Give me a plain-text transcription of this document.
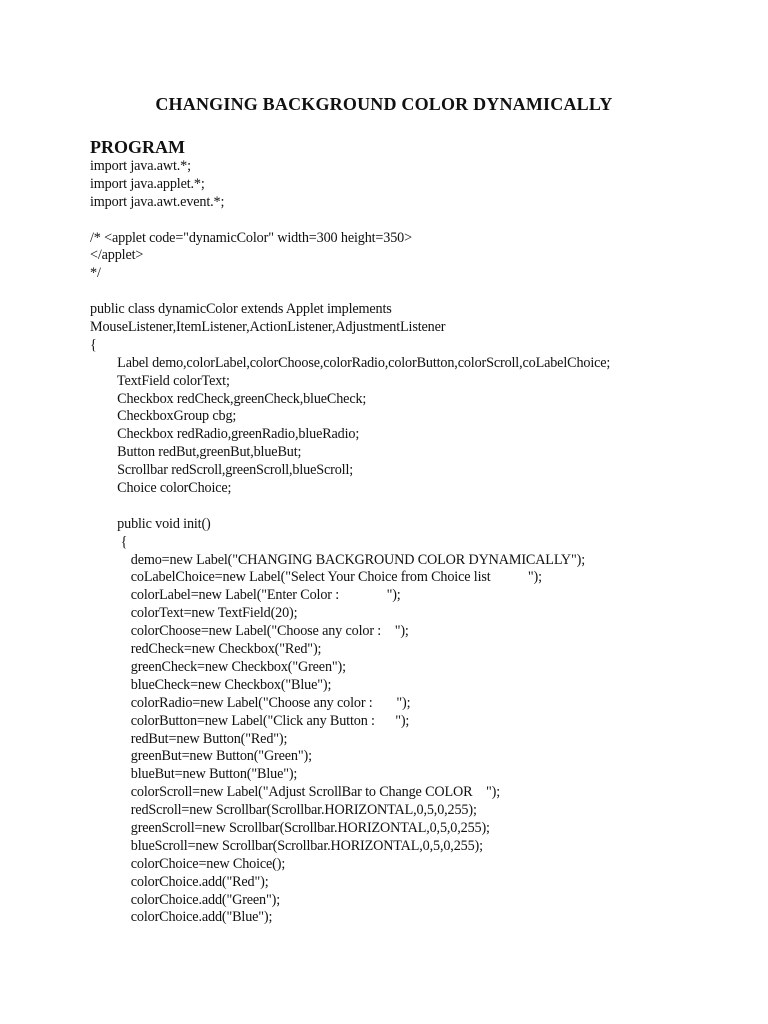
CHANGING BACKGROUND COLOR DYNAMICALLY
PROGRAM
import java.awt.*;
import java.applet.*;
import java.awt.event.*;
/* <applet code="dynamicColor" width=300 height=350>
</applet>
*/
public class dynamicColor extends Applet implements
MouseListener,ItemListener,ActionListener,AdjustmentListener
{
Label demo,colorLabel,colorChoose,colorRadio,colorButton,colorScroll,coLabelChoice;
TextField colorText;
Checkbox redCheck,greenCheck,blueCheck;
CheckboxGroup cbg;
Checkbox redRadio,greenRadio,blueRadio;
Button redBut,greenBut,blueBut;
Scrollbar redScroll,greenScroll,blueScroll;
Choice colorChoice;
public void init()
{
demo=new Label("CHANGING BACKGROUND COLOR DYNAMICALLY");
coLabelChoice=new Label("Select Your Choice from Choice list           ");
colorLabel=new Label("Enter Color :              ");
colorText=new TextField(20);
colorChoose=new Label("Choose any color :    ");
redCheck=new Checkbox("Red");
greenCheck=new Checkbox("Green");
blueCheck=new Checkbox("Blue");
colorRadio=new Label("Choose any color :       ");
colorButton=new Label("Click any Button :      ");
redBut=new Button("Red");
greenBut=new Button("Green");
blueBut=new Button("Blue");
colorScroll=new Label("Adjust ScrollBar to Change COLOR    ");
redScroll=new Scrollbar(Scrollbar.HORIZONTAL,0,5,0,255);
greenScroll=new Scrollbar(Scrollbar.HORIZONTAL,0,5,0,255);
blueScroll=new Scrollbar(Scrollbar.HORIZONTAL,0,5,0,255);
colorChoice=new Choice();
colorChoice.add("Red");
colorChoice.add("Green");
colorChoice.add("Blue");
